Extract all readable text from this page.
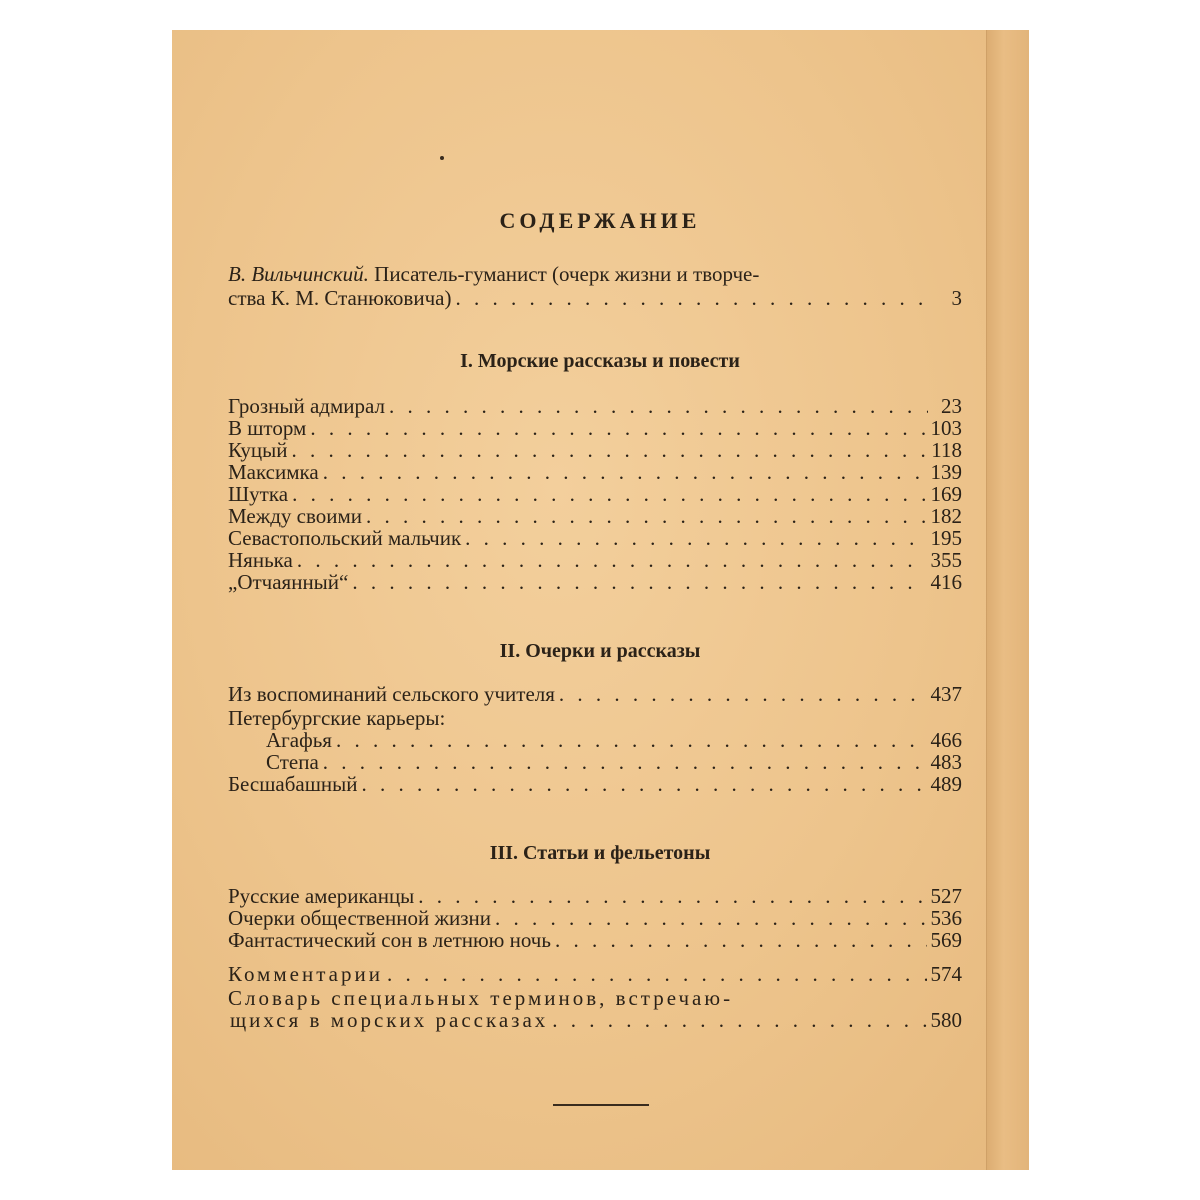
СОДЕРЖАНИЕ
В. Вильчинский. Писатель-гуманист (очерк жизни и творче-
ства К. М. Станюковича) . . .	3
I. Морские рассказы и повести
Грозный адмирал . . .	23
В шторм . . .	103
Куцый . . .	118
Максимка . . .	139
Шутка . . .	169
Между своими . . .	182
Севастопольский мальчик . . .	195
Нянька . . .	355
„Отчаянный“ . . .	416
II. Очерки и рассказы
Из воспоминаний сельского учителя . . .	437
Петербургские карьеры:
Агафья . . .	466
Степа . . .	483
Бесшабашный . . .	489
III. Статьи и фельетоны
Русские американцы . . .	527
Очерки общественной жизни . . .	536
Фантастический сон в летнюю ночь . . .	569
Комментарии . . .	574
Словарь специальных терминов, встречаю-
щихся в морских рассказах . . .	580
